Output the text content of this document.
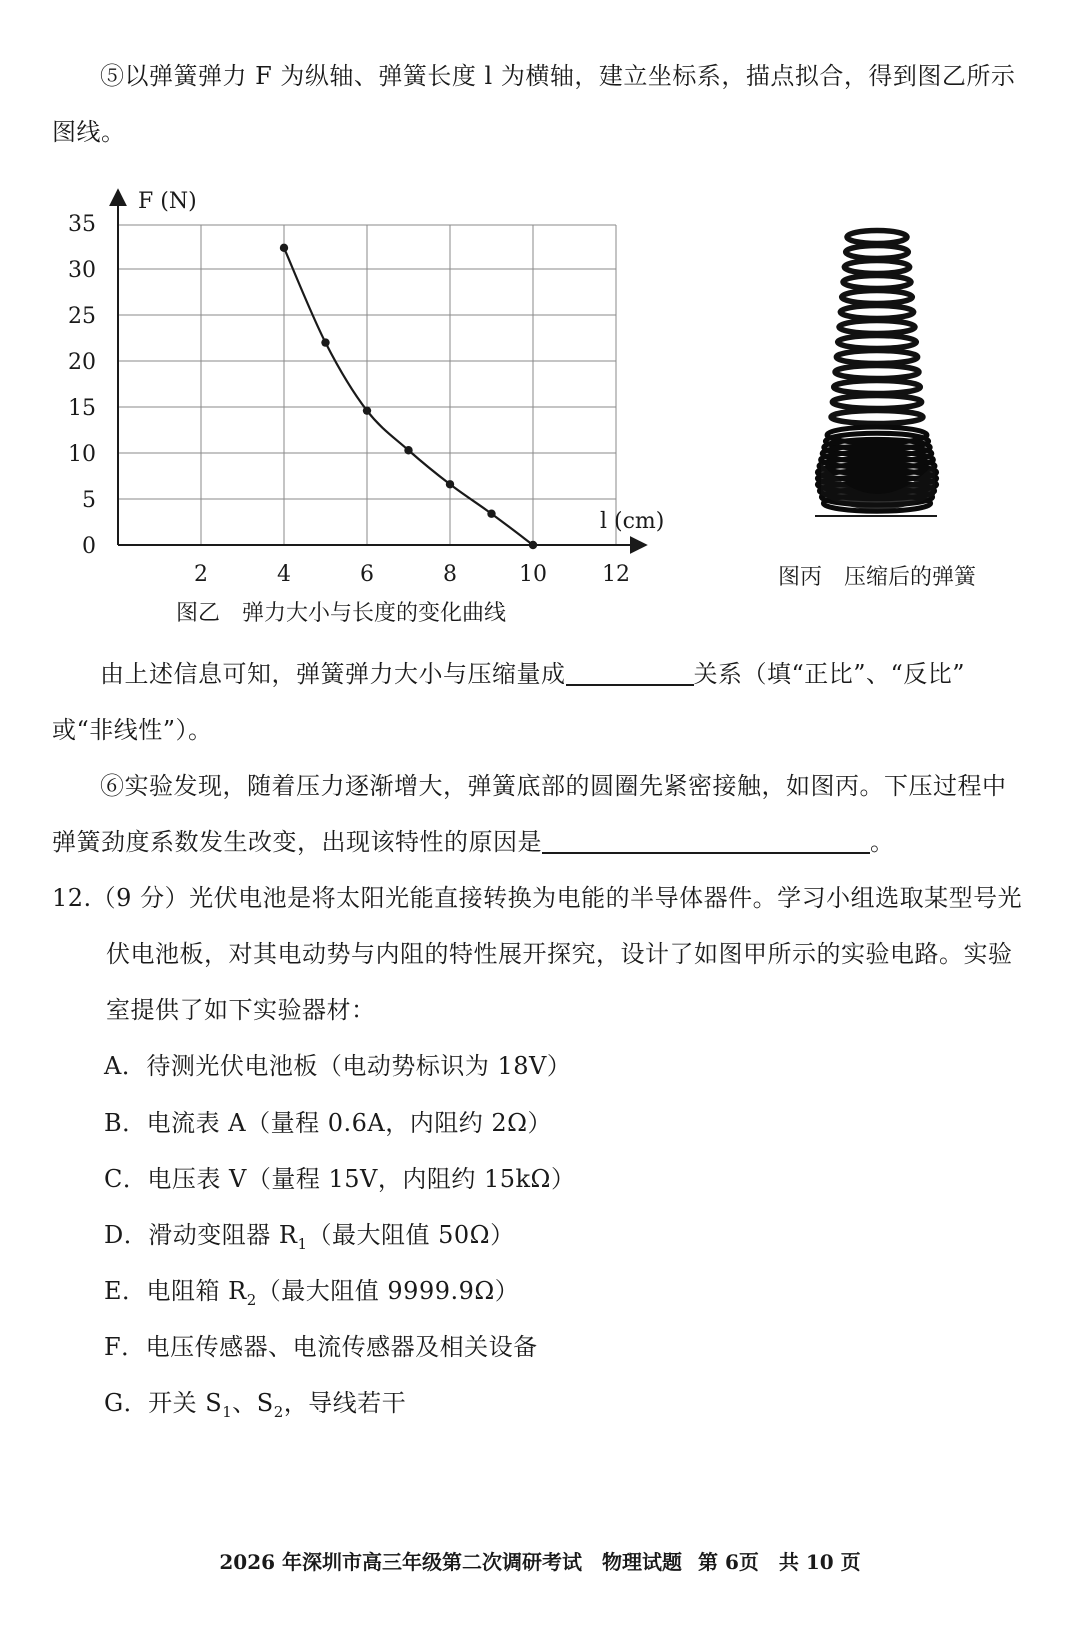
⑤以弹簧弹力 F 为纵轴、弹簧长度 l 为横轴，建立坐标系，描点拟合，得到图乙所示
图线。
2	4	6	8	10	12
0
5
10
15
20
25
30
35
F (N)
l (cm)
图乙　弹力大小与长度的变化曲线
图丙　压缩后的弹簧
由上述信息可知，弹簧弹力大小与压缩量成	关系（填“正比”、“反比”
或“非线性”）。
⑥实验发现，随着压力逐渐增大，弹簧底部的圆圈先紧密接触，如图丙。下压过程中
弹簧劲度系数发生改变，出现该特性的原因是	。
12.（9 分）光伏电池是将太阳光能直接转换为电能的半导体器件。学习小组选取某型号光
伏电池板，对其电动势与内阻的特性展开探究，设计了如图甲所示的实验电路。实验
室提供了如下实验器材：
A．待测光伏电池板（电动势标识为 18V）
B．电流表 A（量程 0.6A，内阻约 2Ω）
C．电压表 V（量程 15V，内阻约 15kΩ）
D．滑动变阻器 $R_1$（最大阻值 50Ω）
E．电阻箱 $R_2$（最大阻值 9999.9Ω）
F．电压传感器、电流传感器及相关设备
G．开关 $S_1$、$S_2$，导线若干
2026 年深圳市高三年级第二次调研考试　物理试题 第 6页　共 10 页
